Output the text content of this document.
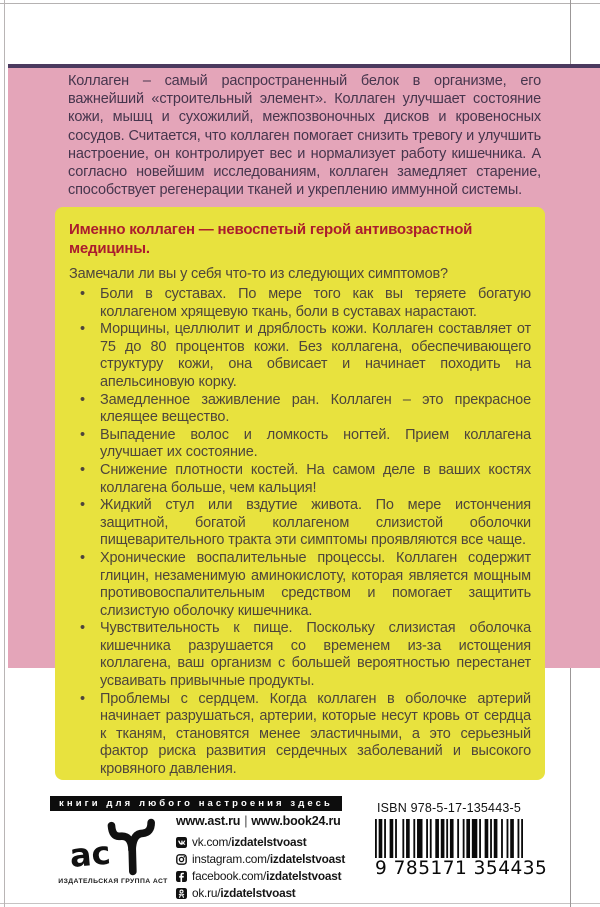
Коллаген – самый распространенный белок в организме, его важнейший «строительный элемент». Коллаген улучшает состояние кожи, мышц и сухожилий, межпозвоночных дисков и кровеносных сосудов. Считается, что коллаген помогает снизить тревогу и улучшить настроение, он контролирует вес и нормализует работу кишечника. А согласно новейшим исследованиям, коллаген замедляет старение, способствует регенерации тканей и укреплению иммунной системы.

Именно коллаген — невоспетый герой антивозрастной медицины.

Замечали ли вы у себя что-то из следующих симптомов?

• Боли в суставах. По мере того как вы теряете богатую коллагеном хрящевую ткань, боли в суставах нарастают.
• Морщины, целлюлит и дряблость кожи. Коллаген составляет от 75 до 80 процентов кожи. Без коллагена, обеспечивающего структуру кожи, она обвисает и начинает походить на апельсиновую корку.
• Замедленное заживление ран. Коллаген – это прекрасное клеящее вещество.
• Выпадение волос и ломкость ногтей. Прием коллагена улучшает их состояние.
• Снижение плотности костей. На самом деле в ваших костях коллагена больше, чем кальция!
• Жидкий стул или вздутие живота. По мере истончения защитной, богатой коллагеном слизистой оболочки пищеварительного тракта эти симптомы проявляются все чаще.
• Хронические воспалительные процессы. Коллаген содержит глицин, незаменимую аминокислоту, которая является мощным противовоспалительным средством и помогает защитить слизистую оболочку кишечника.
• Чувствительность к пище. Поскольку слизистая оболочка кишечника разрушается со временем из-за истощения коллагена, ваш организм с большей вероятностью перестанет усваивать привычные продукты.
• Проблемы с сердцем. Когда коллаген в оболочке артерий начинает разрушаться, артерии, которые несут кровь от сердца к тканям, становятся менее эластичными, а это серьезный фактор риска развития сердечных заболеваний и высокого кровяного давления.

книги для любого настроения здесь
ас
ИЗДАТЕЛЬСКАЯ ГРУППА АСТ
www.ast.ru | www.book24.ru
vk.com/izdatelstvoast
instagram.com/izdatelstvoast
facebook.com/izdatelstvoast
ok.ru/izdatelstvoast
ISBN 978-5-17-135443-5
9 785171 354435
